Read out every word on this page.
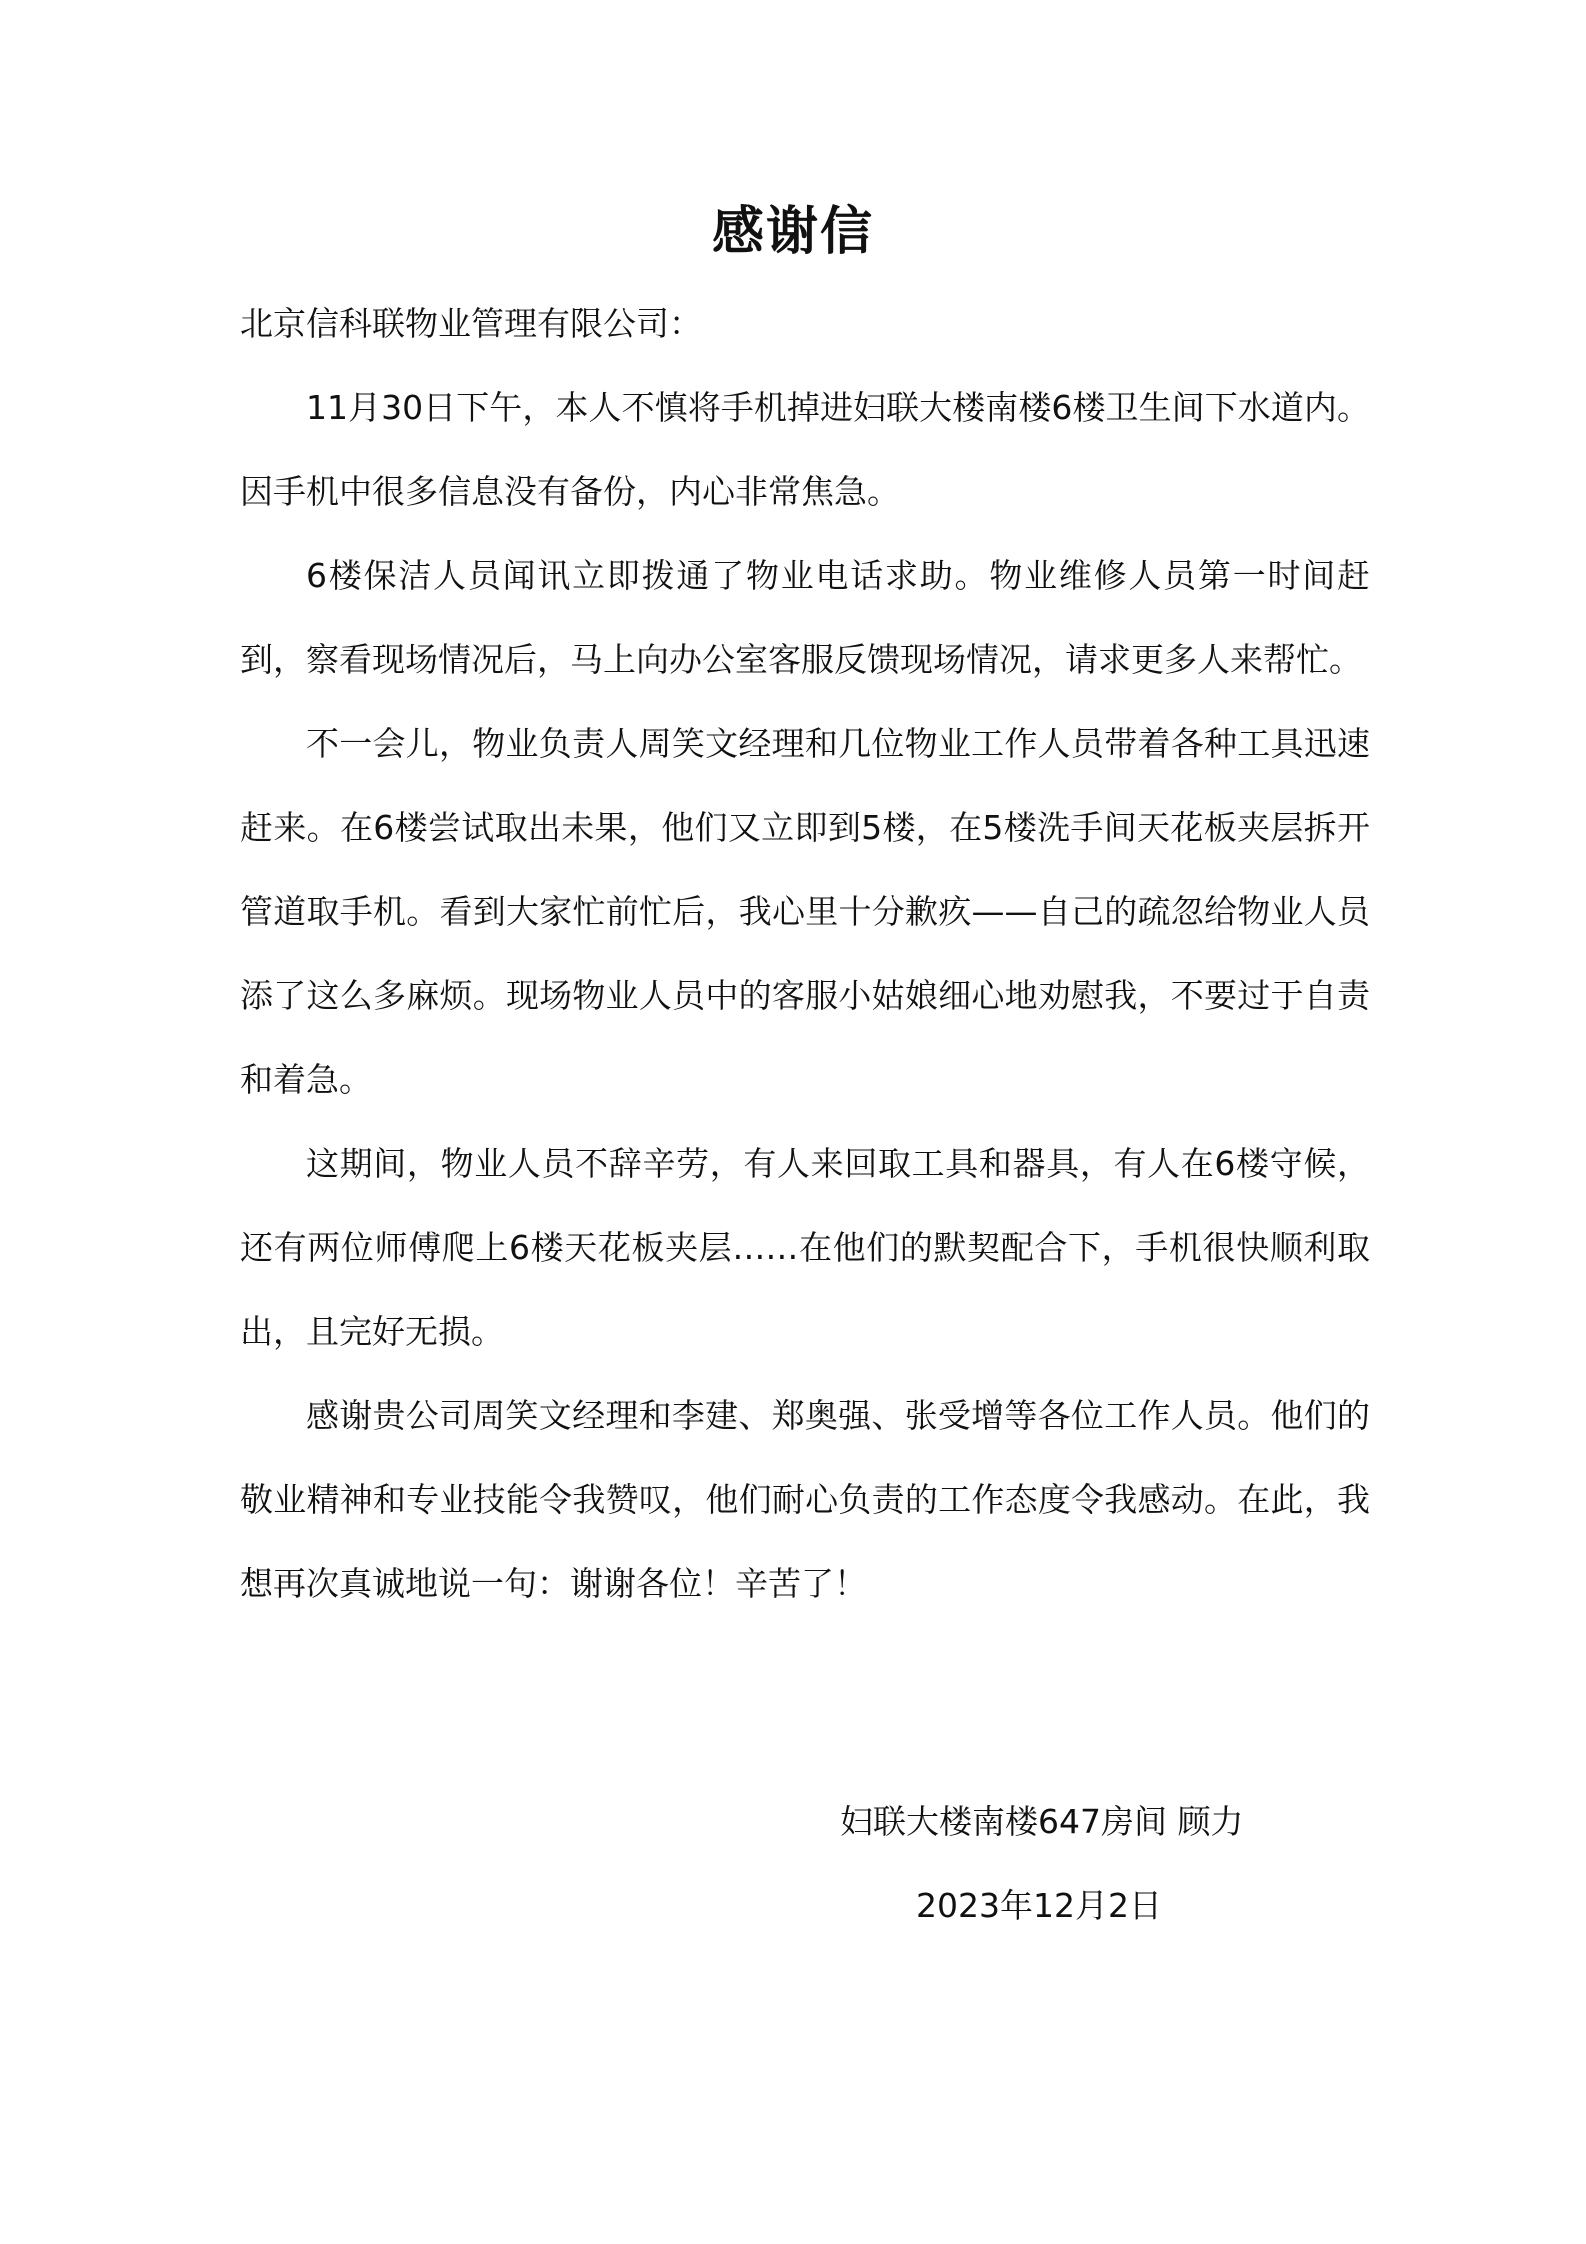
感谢信

北京信科联物业管理有限公司：

11月30日下午，本人不慎将手机掉进妇联大楼南楼6楼卫生间下水道内。因手机中很多信息没有备份，内心非常焦急。

6楼保洁人员闻讯立即拨通了物业电话求助。物业维修人员第一时间赶到，察看现场情况后，马上向办公室客服反馈现场情况，请求更多人来帮忙。

不一会儿，物业负责人周笑文经理和几位物业工作人员带着各种工具迅速赶来。在6楼尝试取出未果，他们又立即到5楼，在5楼洗手间天花板夹层拆开管道取手机。看到大家忙前忙后，我心里十分歉疚——自己的疏忽给物业人员添了这么多麻烦。现场物业人员中的客服小姑娘细心地劝慰我，不要过于自责和着急。

这期间，物业人员不辞辛劳，有人来回取工具和器具，有人在6楼守候，还有两位师傅爬上6楼天花板夹层……在他们的默契配合下，手机很快顺利取出，且完好无损。

感谢贵公司周笑文经理和李建、郑奥强、张受增等各位工作人员。他们的敬业精神和专业技能令我赞叹，他们耐心负责的工作态度令我感动。在此，我想再次真诚地说一句：谢谢各位！辛苦了！

妇联大楼南楼647房间 顾力
2023年12月2日
